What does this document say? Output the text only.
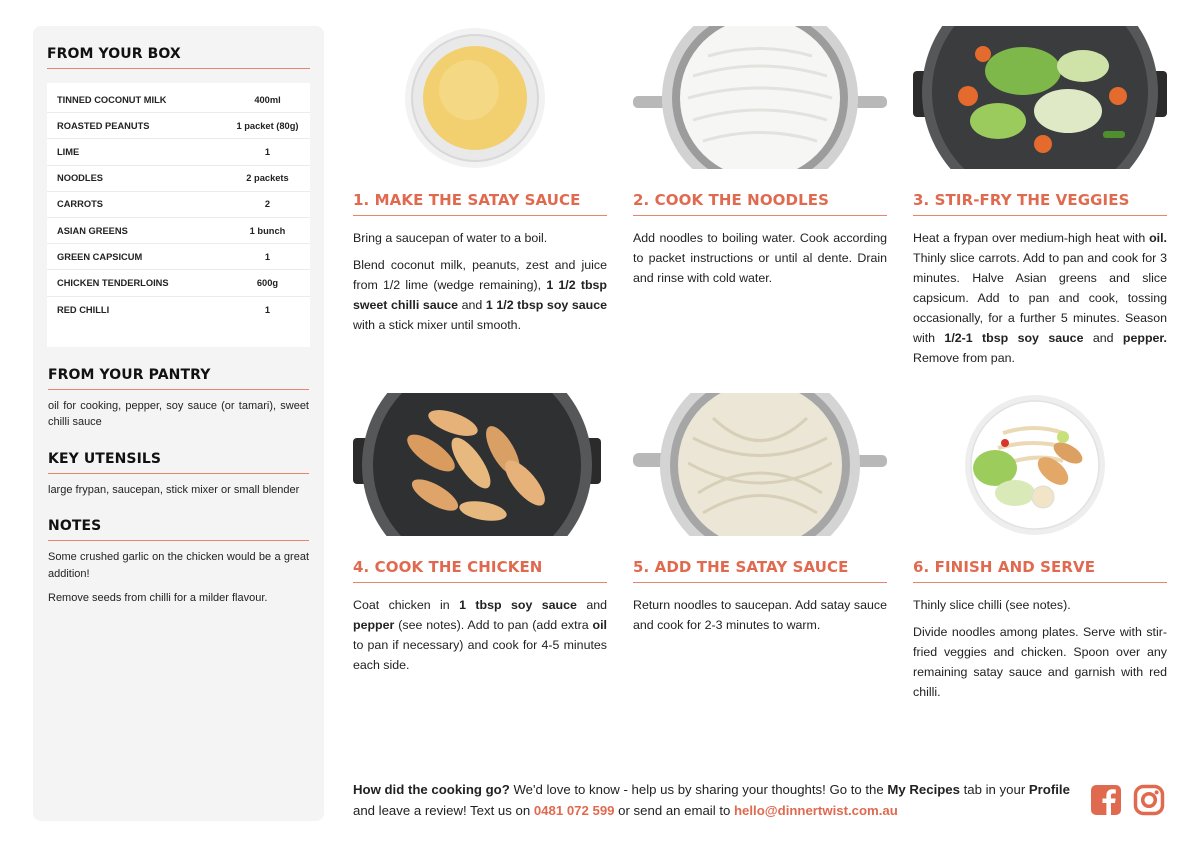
FROM YOUR BOX
TINNED COCONUT MILK	400ml
ROASTED PEANUTS	1 packet (80g)
LIME	1
NOODLES	2 packets
CARROTS	2
ASIAN GREENS	1 bunch
GREEN CAPSICUM	1
CHICKEN TENDERLOINS	600g
RED CHILLI	1
FROM YOUR PANTRY

oil for cooking, pepper, soy sauce (or tamari), sweet chilli sauce

KEY UTENSILS

large frypan, saucepan, stick mixer or small blender

NOTES

Some crushed garlic on the chicken would be a great addition!

Remove seeds from chilli for a milder flavour.

1. MAKE THE SATAY SAUCE

Bring a saucepan of water to a boil.

Blend coconut milk, peanuts, zest and juice from 1/2 lime (wedge remaining), 1 1/2 tbsp sweet chilli sauce and 1 1/2 tbsp soy sauce with a stick mixer until smooth.

2. COOK THE NOODLES

Add noodles to boiling water. Cook according to packet instructions or until al dente. Drain and rinse with cold water.

3. STIR-FRY THE VEGGIES

Heat a frypan over medium-high heat with oil. Thinly slice carrots. Add to pan and cook for 3 minutes. Halve Asian greens and slice capsicum. Add to pan and cook, tossing occasionally, for a further 5 minutes. Season with 1/2-1 tbsp soy sauce and pepper. Remove from pan.

4. COOK THE CHICKEN

Coat chicken in 1 tbsp soy sauce and pepper (see notes). Add to pan (add extra oil to pan if necessary) and cook for 4-5 minutes each side.

5. ADD THE SATAY SAUCE

Return noodles to saucepan. Add satay sauce and cook for 2-3 minutes to warm.

6. FINISH AND SERVE

Thinly slice chilli (see notes).

Divide noodles among plates. Serve with stir-fried veggies and chicken. Spoon over any remaining satay sauce and garnish with red chilli.

How did the cooking go? We'd love to know - help us by sharing your thoughts! Go to the My Recipes tab in your Profile and leave a review! Text us on 0481 072 599 or send an email to hello@dinnertwist.com.au
